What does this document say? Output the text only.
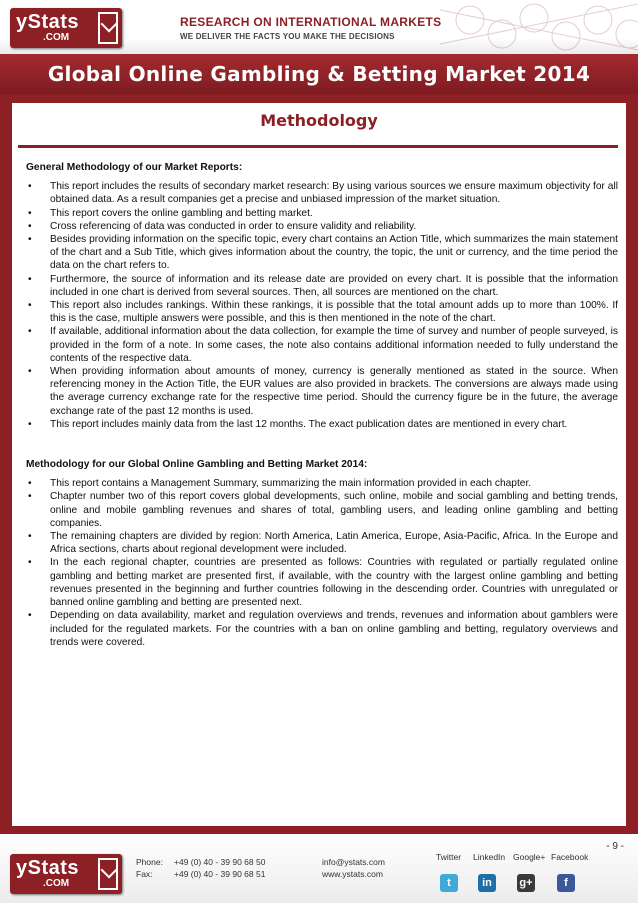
yStats
.COM
RESEARCH ON INTERNATIONAL MARKETS
WE DELIVER THE FACTS YOU MAKE THE DECISIONS
Global Online Gambling & Betting Market 2014
Methodology
General Methodology of our Market Reports:
• This report includes the results of secondary market research: By using various sources we ensure maximum objectivity for all obtained data. As a result companies get a precise and unbiased impression of the market situation.
• This report covers the online gambling and betting market.
• Cross referencing of data was conducted in order to ensure validity and reliability.
• Besides providing information on the specific topic, every chart contains an Action Title, which summarizes the main statement of the chart and a Sub Title, which gives information about the country, the topic, the unit or currency, and the time period the data on the chart refers to.
• Furthermore, the source of information and its release date are provided on every chart. It is possible that the information included in one chart is derived from several sources. Then, all sources are mentioned on the chart.
• This report also includes rankings. Within these rankings, it is possible that the total amount adds up to more than 100%. If this is the case, multiple answers were possible, and this is then mentioned in the note of the chart.
• If available, additional information about the data collection, for example the time of survey and number of people surveyed, is provided in the form of a note. In some cases, the note also contains additional information needed to fully understand the contents of the respective data.
• When providing information about amounts of money, currency is generally mentioned as stated in the source. When referencing money in the Action Title, the EUR values are also provided in brackets. The conversions are always made using the average currency exchange rate for the respective time period. Should the currency figure be in the future, the average exchange rate of the past 12 months is used.
• This report includes mainly data from the last 12 months. The exact publication dates are mentioned in every chart.
Methodology for our Global Online Gambling and Betting Market 2014:
• This report contains a Management Summary, summarizing the main information provided in each chapter.
• Chapter number two of this report covers global developments, such online, mobile and social gambling and betting trends, online and mobile gambling revenues and shares of total, gambling users, and leading online gambling and betting companies.
• The remaining chapters are divided by region: North America, Latin America, Europe, Asia-Pacific, Africa. In the Europe and Africa sections, charts about regional development were included.
• In the each regional chapter, countries are presented as follows: Countries with regulated or partially regulated online gambling and betting market are presented first, if available, with the country with the largest online gambling and betting revenues presented in the beginning and further countries following in the descending order. Countries with unregulated or banned online gambling and betting are presented next.
• Depending on data availability, market and regulation overviews and trends, revenues and information about gamblers were included for the regulated markets. For the countries with a ban on online gambling and betting, regulatory overviews and trends were covered.
- 9 -
yStats
.COM
Phone:
Fax:
+49 (0) 40 - 39 90 68 50
+49 (0) 40 - 39 90 68 51
info@ystats.com
www.ystats.com
Twitter LinkedIn Google+ Facebook
t	in	g+	f
